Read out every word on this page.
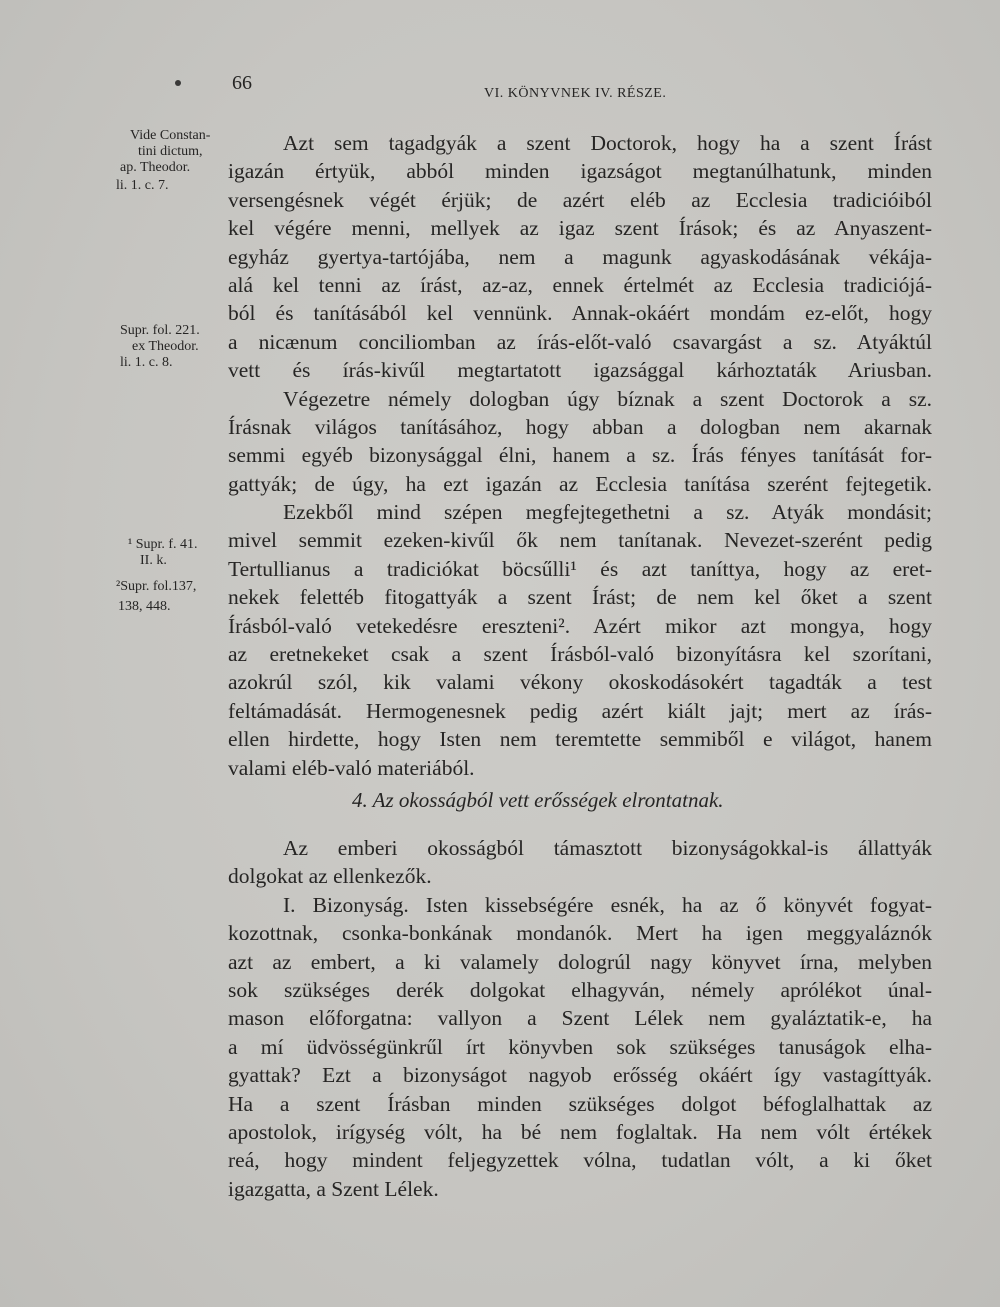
66	VI. KÖNYVNEK IV. RÉSZE.
Vide Constan-
tini dictum,
ap. Theodor.
li. 1. c. 7.
Supr. fol. 221.
ex Theodor.
li. 1. c. 8.
¹ Supr. f. 41.
II. k.
²Supr. fol.137,
138, 448.
Azt sem tagadgyák a szent Doctorok, hogy ha a szent Írást
igazán értyük, abból minden igazságot megtanúlhatunk, minden
versengésnek végét érjük; de azért eléb az Ecclesia tradicióiból
kel végére menni, mellyek az igaz szent Írások; és az Anyaszent-
egyház gyertya-tartójába, nem a magunk agyaskodásának vékája-
alá kel tenni az írást, az-az, ennek értelmét az Ecclesia tradiciójá-
ból és tanításából kel vennünk. Annak-okáért mondám ez-előt, hogy
a nicænum conciliomban az írás-előt-való csavargást a sz. Atyáktúl
vett és írás-kivűl megtartatott igazsággal kárhoztaták Ariusban.
Végezetre némely dologban úgy bíznak a szent Doctorok a sz.
Írásnak világos tanításához, hogy abban a dologban nem akarnak
semmi egyéb bizonysággal élni, hanem a sz. Írás fényes tanítását for-
gattyák; de úgy, ha ezt igazán az Ecclesia tanítása szerént fejtegetik.
Ezekből mind szépen megfejtegethetni a sz. Atyák mondásit;
mivel semmit ezeken-kivűl ők nem tanítanak. Nevezet-szerént pedig
Tertullianus a tradiciókat böcsűlli¹ és azt taníttya, hogy az eret-
nekek felettéb fitogattyák a szent Írást; de nem kel őket a szent
Írásból-való vetekedésre ereszteni². Azért mikor azt mongya, hogy
az eretnekeket csak a szent Írásból-való bizonyításra kel szorítani,
azokrúl szól, kik valami vékony okoskodásokért tagadták a test
feltámadását. Hermogenesnek pedig azért kiált jajt; mert az írás-
ellen hirdette, hogy Isten nem teremtette semmiből e világot, hanem
valami eléb-való materiából.
4. Az okosságból vett erősségek elrontatnak.
Az emberi okosságból támasztott bizonyságokkal-is állattyák
dolgokat az ellenkezők.
I. Bizonyság. Isten kissebségére esnék, ha az ő könyvét fogyat-
kozottnak, csonka-bonkának mondanók. Mert ha igen meggyaláznók
azt az embert, a ki valamely dologrúl nagy könyvet írna, melyben
sok szükséges derék dolgokat elhagyván, némely aprólékot únal-
mason előforgatna: vallyon a Szent Lélek nem gyaláztatik-e, ha
a mí üdvösségünkrűl írt könyvben sok szükséges tanuságok elha-
gyattak? Ezt a bizonyságot nagyob erősség okáért így vastagíttyák.
Ha a szent Írásban minden szükséges dolgot béfoglalhattak az
apostolok, irígység vólt, ha bé nem foglaltak. Ha nem vólt értékek
reá, hogy mindent feljegyzettek vólna, tudatlan vólt, a ki őket
igazgatta, a Szent Lélek.
